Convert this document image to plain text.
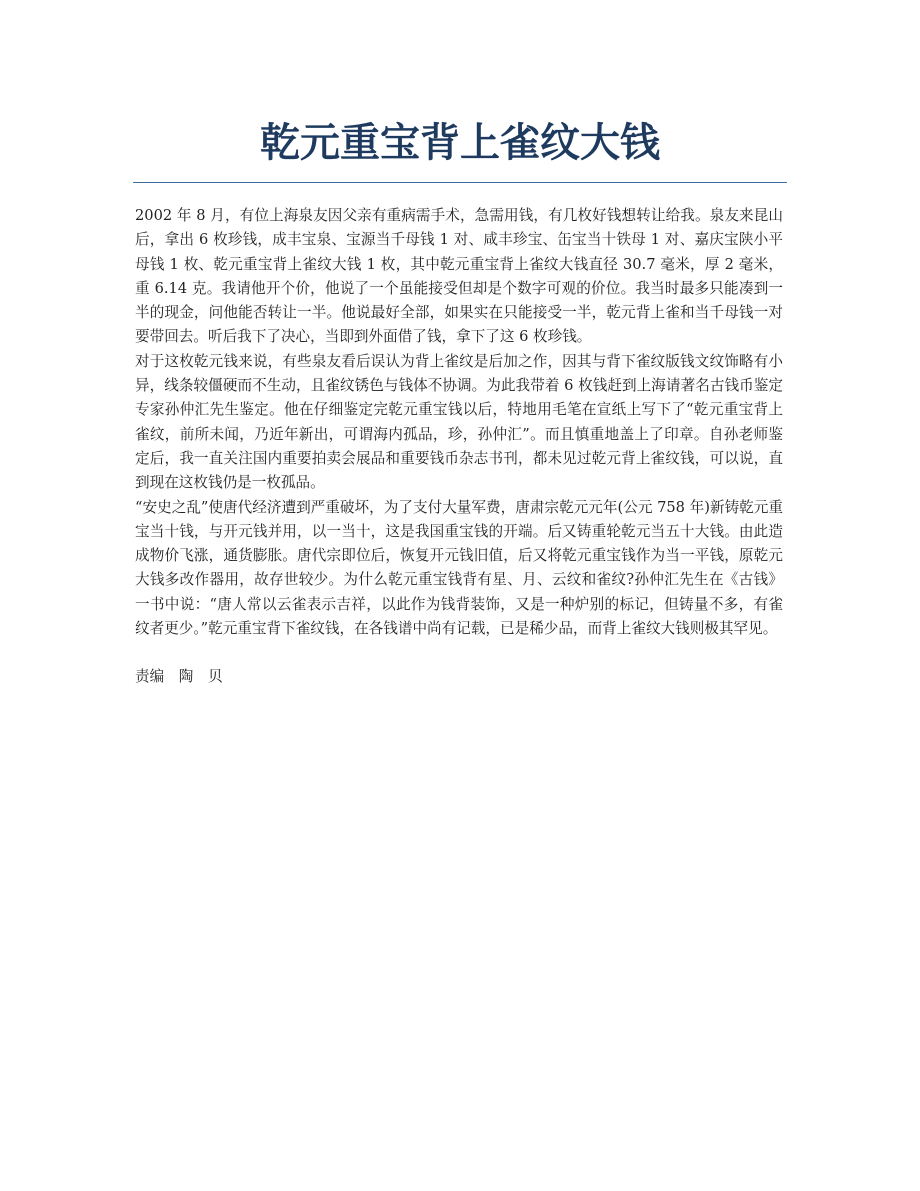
乾元重宝背上雀纹大钱

2002 年 8 月，有位上海泉友因父亲有重病需手术，急需用钱，有几枚好钱想转让给我。泉友来昆山后，拿出 6 枚珍钱，成丰宝泉、宝源当千母钱 1 对、咸丰珍宝、缶宝当十铁母 1 对、嘉庆宝陕小平母钱 1 枚、乾元重宝背上雀纹大钱 1 枚，其中乾元重宝背上雀纹大钱直径 30.7 毫米，厚 2 毫米，重 6.14 克。我请他开个价，他说了一个虽能接受但却是个数字可观的价位。我当时最多只能凑到一半的现金，问他能否转让一半。他说最好全部，如果实在只能接受一半，乾元背上雀和当千母钱一对要带回去。听后我下了决心，当即到外面借了钱，拿下了这 6 枚珍钱。

对于这枚乾元钱来说，有些泉友看后误认为背上雀纹是后加之作，因其与背下雀纹版钱文纹饰略有小异，线条较僵硬而不生动，且雀纹锈色与钱体不协调。为此我带着 6 枚钱赶到上海请著名古钱币鉴定专家孙仲汇先生鉴定。他在仔细鉴定完乾元重宝钱以后，特地用毛笔在宣纸上写下了“乾元重宝背上雀纹，前所未闻，乃近年新出，可谓海内孤品，珍，孙仲汇”。而且慎重地盖上了印章。自孙老师鉴定后，我一直关注国内重要拍卖会展品和重要钱币杂志书刊，都未见过乾元背上雀纹钱，可以说，直到现在这枚钱仍是一枚孤品。

“安史之乱”使唐代经济遭到严重破坏，为了支付大量军费，唐肃宗乾元元年(公元 758 年)新铸乾元重宝当十钱，与开元钱并用，以一当十，这是我国重宝钱的开端。后又铸重轮乾元当五十大钱。由此造成物价飞涨，通货膨胀。唐代宗即位后，恢复开元钱旧值，后又将乾元重宝钱作为当一平钱，原乾元大钱多改作器用，故存世较少。为什么乾元重宝钱背有星、月、云纹和雀纹?孙仲汇先生在《古钱》一书中说：“唐人常以云雀表示吉祥，以此作为钱背装饰，又是一种炉别的标记，但铸量不多，有雀纹者更少。”乾元重宝背下雀纹钱，在各钱谱中尚有记载，已是稀少品，而背上雀纹大钱则极其罕见。

责编　陶　贝
